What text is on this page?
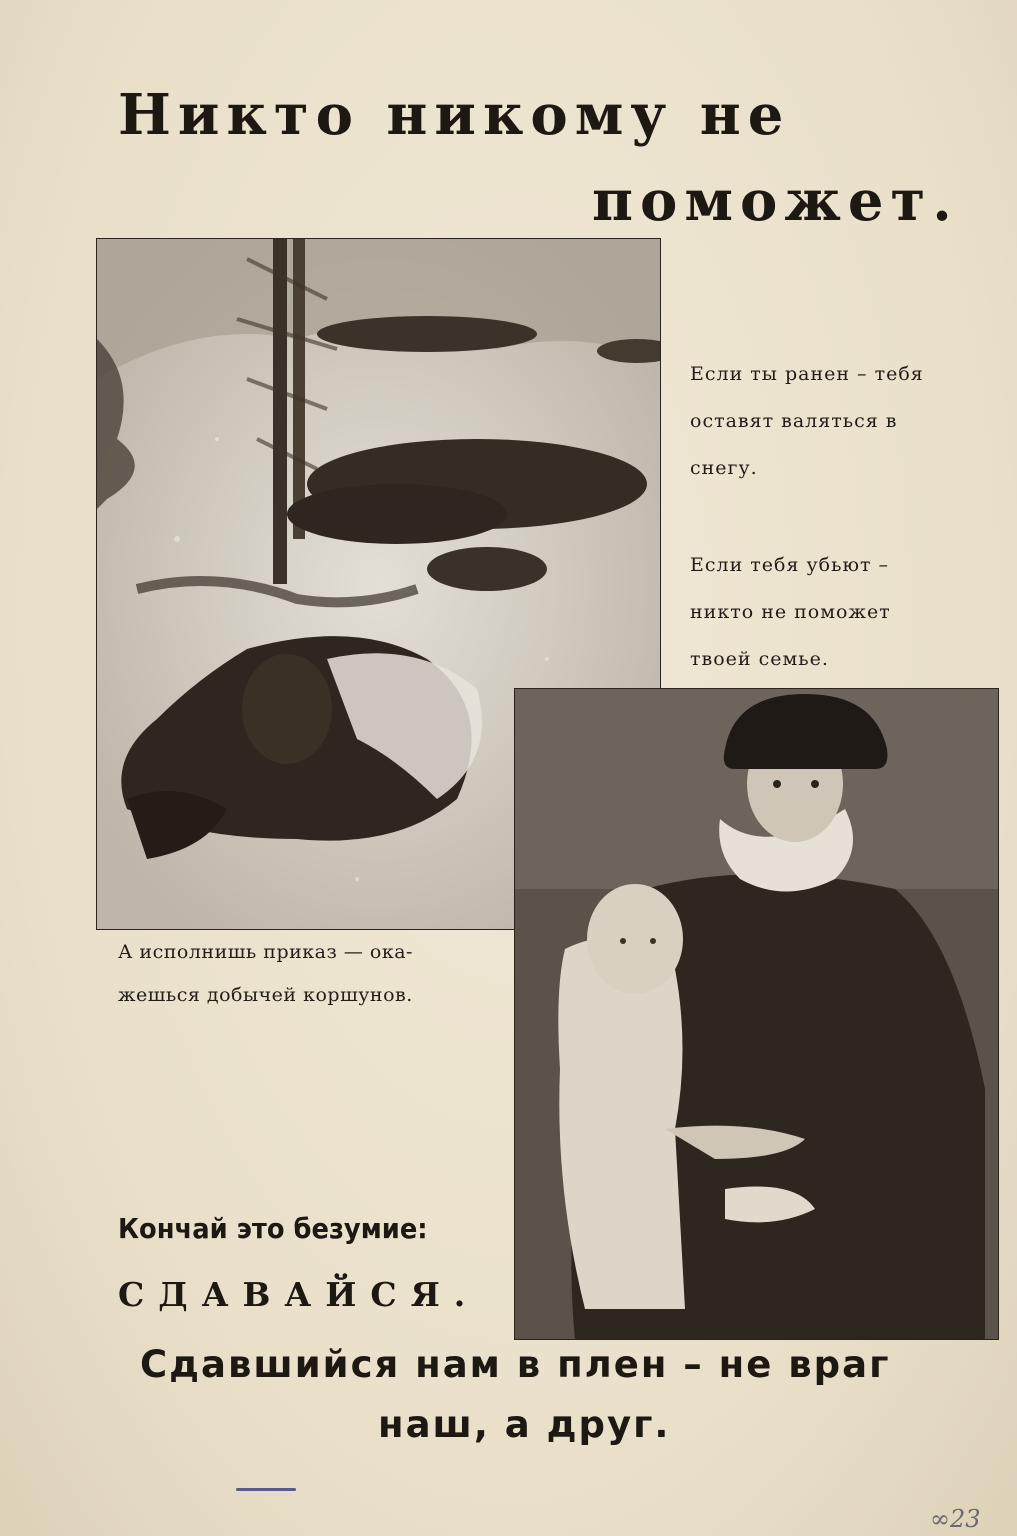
Никто никому не
поможет.

Если ты ранен – тебя

оставят валяться в

снегу.

Если тебя убьют –

никто не поможет

твоей семье.

А исполнишь приказ — ока-

жешься добычей коршунов.

Кончай это безумие:

СДАВАЙСЯ.

Сдавшийся нам в плен – не враг

наш, а друг.

∞23
